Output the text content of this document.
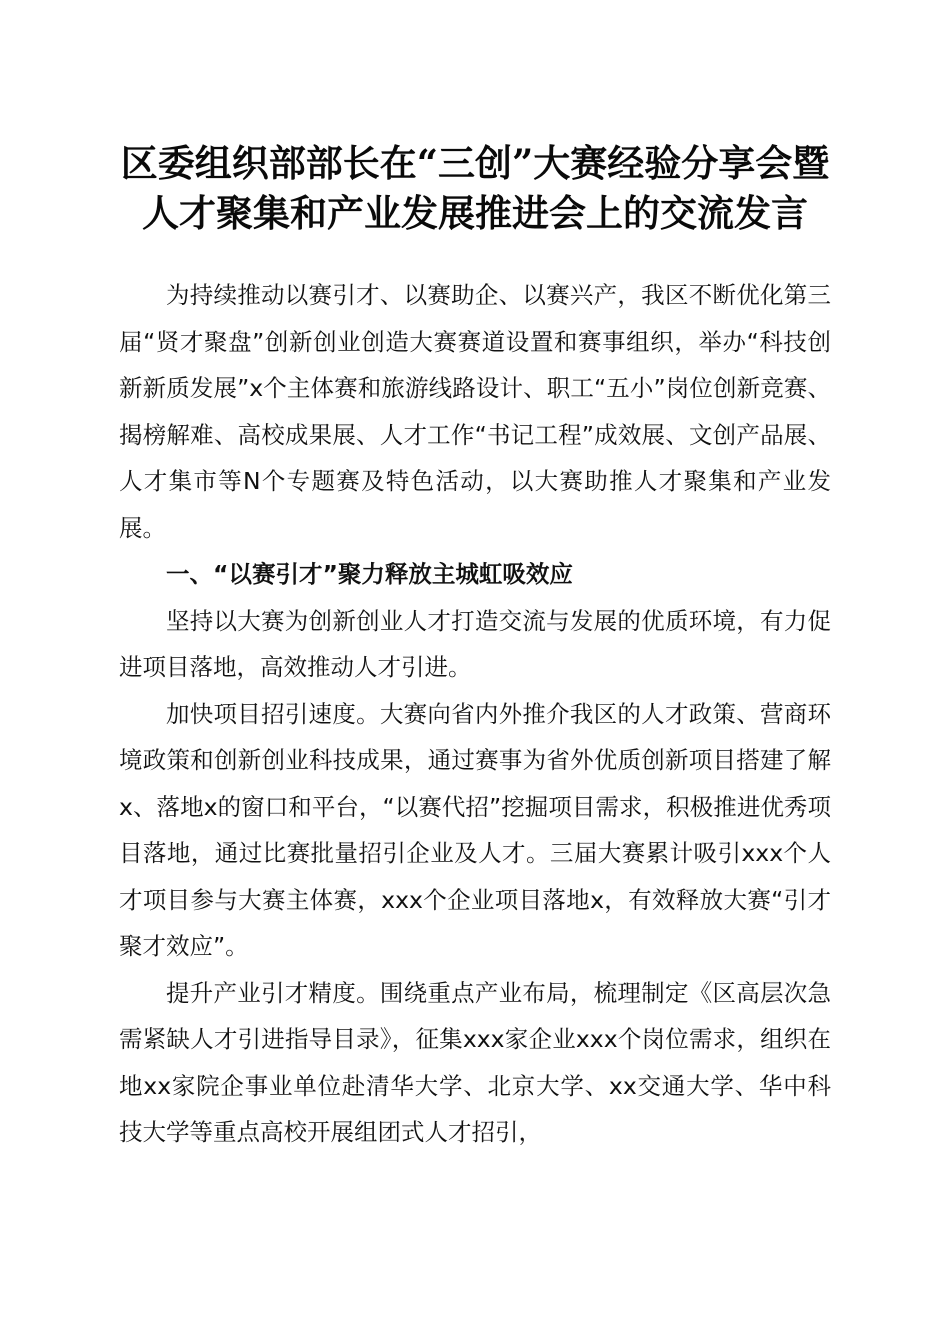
区委组织部部长在“三创”大赛经验分享会暨
人才聚集和产业发展推进会上的交流发言

为持续推动以赛引才、以赛助企、以赛兴产，我区不断优化第三届“贤才聚盘”创新创业创造大赛赛道设置和赛事组织，举办“科技创新新质发展”x个主体赛和旅游线路设计、职工“五小”岗位创新竞赛、揭榜解难、高校成果展、人才工作“书记工程”成效展、文创产品展、人才集市等N个专题赛及特色活动，以大赛助推人才聚集和产业发展。

一、“以赛引才”聚力释放主城虹吸效应

坚持以大赛为创新创业人才打造交流与发展的优质环境，有力促进项目落地，高效推动人才引进。

加快项目招引速度。大赛向省内外推介我区的人才政策、营商环境政策和创新创业科技成果，通过赛事为省外优质创新项目搭建了解x、落地x的窗口和平台，“以赛代招”挖掘项目需求，积极推进优秀项目落地，通过比赛批量招引企业及人才。三届大赛累计吸引xxx个人才项目参与大赛主体赛，xxx个企业项目落地x，有效释放大赛“引才聚才效应”。

提升产业引才精度。围绕重点产业布局，梳理制定《区高层次急需紧缺人才引进指导目录》，征集xxx家企业xxx个岗位需求，组织在地xx家院企事业单位赴清华大学、北京大学、xx交通大学、华中科技大学等重点高校开展组团式人才招引，
